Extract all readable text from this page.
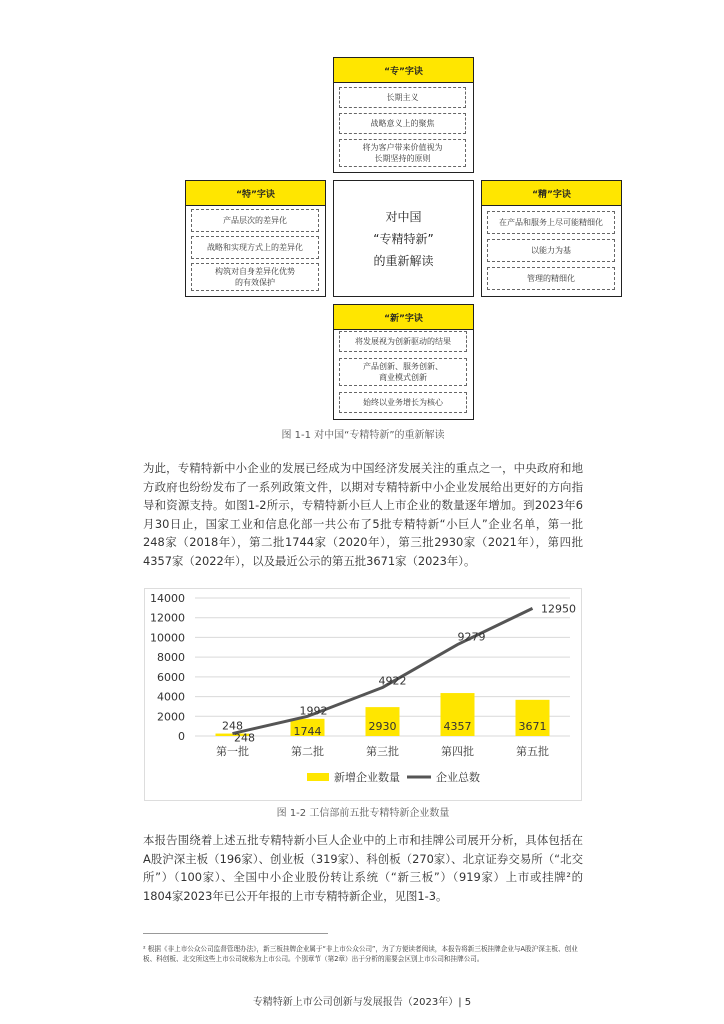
“专”字诀
长期主义
战略意义上的聚焦
将为客户带来价值视为
长期坚持的原则
“特”字诀
产品层次的差异化
战略和实现方式上的差异化
构筑对自身差异化优势
的有效保护
对中国
“专精特新”
的重新解读
“精”字诀
在产品和服务上尽可能精细化
以能力为基
管理的精细化
“新”字诀
将发展视为创新驱动的结果
产品创新、服务创新、
商业模式创新
始终以业务增长为核心
图 1-1 对中国“专精特新”的重新解读

为此，专精特新中小企业的发展已经成为中国经济发展关注的重点之一，中央政府和地方政府也纷纷发布了一系列政策文件，以期对专精特新中小企业发展给出更好的方向指导和资源支持。如图1-2所示，专精特新小巨人上市企业的数量逐年增加。到2023年6月30日止，国家工业和信息化部一共公布了5批专精特新“小巨人”企业名单，第一批248家（2018年），第二批1744家（2020年），第三批2930家（2021年），第四批4357家（2022年），以及最近公示的第五批3671家（2023年）。

0
2000
4000
6000
8000
10000
12000
14000
248	1744	2930	4357	3671
248
1992
4922
9279
12950
第一批	第二批	第三批	第四批	第五批
新增企业数量	企业总数
图 1-2 工信部前五批专精特新企业数量

本报告围绕着上述五批专精特新小巨人企业中的上市和挂牌公司展开分析，具体包括在A股沪深主板（196家）、创业板（319家）、科创板（270家）、北京证券交易所（“北交所”）（100家）、全国中小企业股份转让系统（“新三板”）（919家）上市或挂牌²的1804家2023年已公开年报的上市专精特新企业，见图1-3。

² 根据《非上市公众公司监督管理办法》，新三板挂牌企业属于“非上市公众公司”，为了方便读者阅读，本报告将新三板挂牌企业与A股沪深主板、创业板、科创板、北交所这些上市公司统称为上市公司。个别章节（第2章）出于分析的需要会区别上市公司和挂牌公司。
专精特新上市公司创新与发展报告（2023年）| 5
